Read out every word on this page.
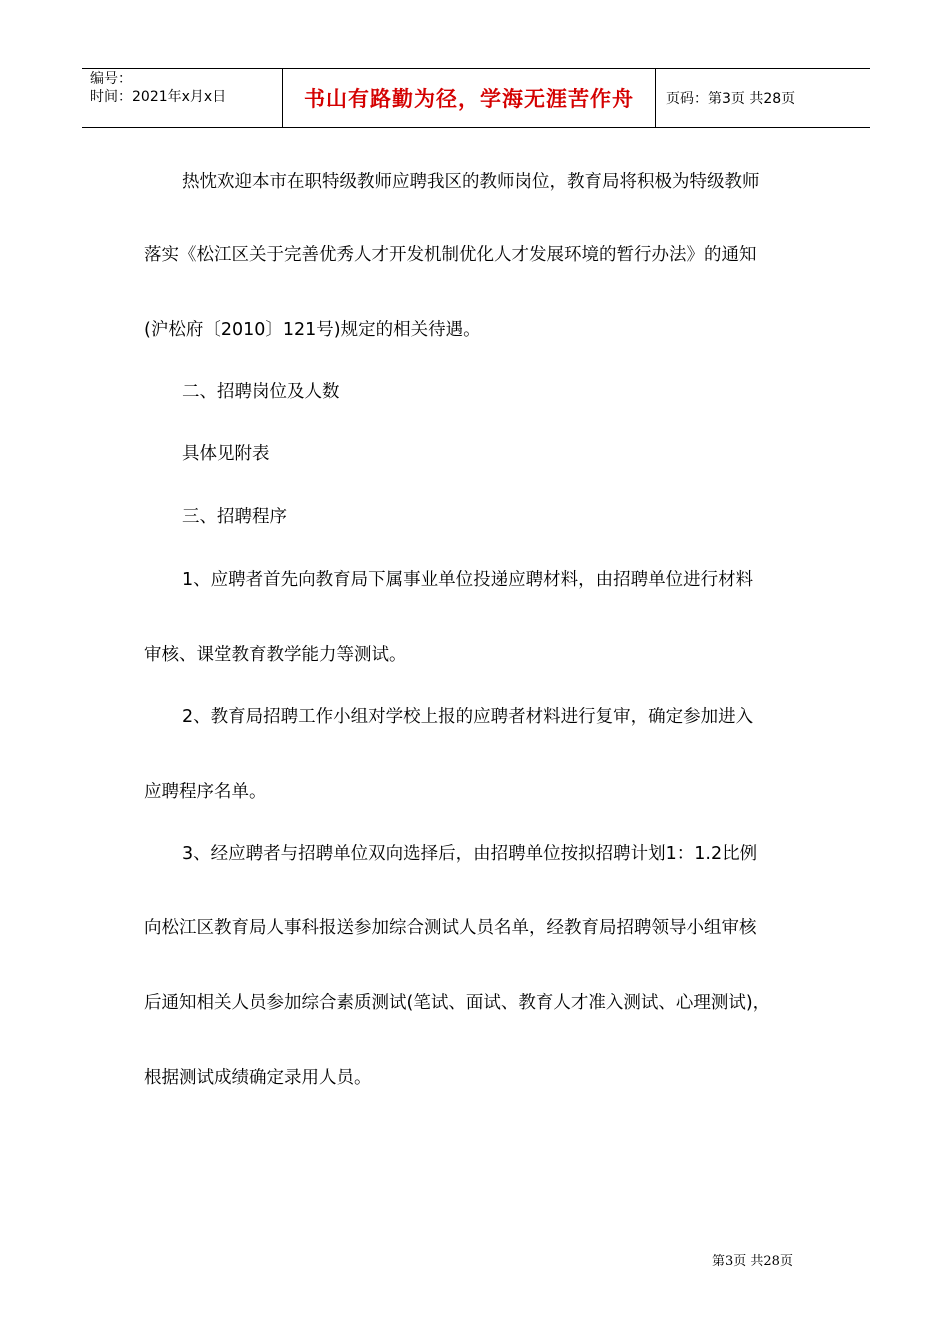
编号：
时间：2021年x月x日	书山有路勤为径，学海无涯苦作舟 页码：第3页 共28页
热忱欢迎本市在职特级教师应聘我区的教师岗位，教育局将积极为特级教师
落实《松江区关于完善优秀人才开发机制优化人才发展环境的暂行办法》的通知
(沪松府〔2010〕121号)规定的相关待遇。
二、招聘岗位及人数
具体见附表
三、招聘程序
1、应聘者首先向教育局下属事业单位投递应聘材料，由招聘单位进行材料
审核、课堂教育教学能力等测试。
2、教育局招聘工作小组对学校上报的应聘者材料进行复审，确定参加进入
应聘程序名单。
3、经应聘者与招聘单位双向选择后，由招聘单位按拟招聘计划1：1.2比例
向松江区教育局人事科报送参加综合测试人员名单，经教育局招聘领导小组审核
后通知相关人员参加综合素质测试(笔试、面试、教育人才准入测试、心理测试)，
根据测试成绩确定录用人员。
第3页 共28页
